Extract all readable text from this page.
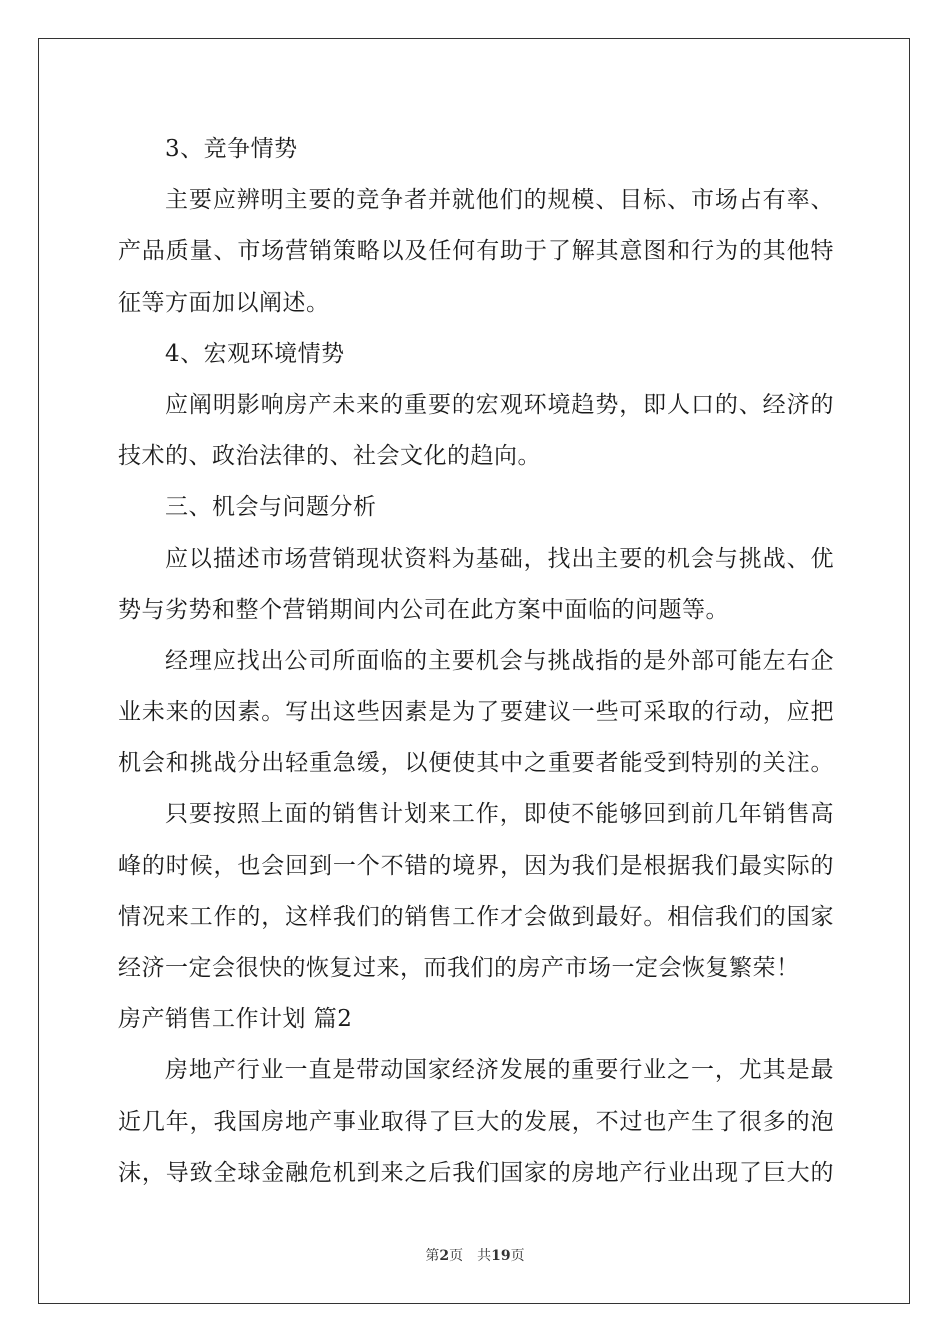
3、竞争情势
主要应辨明主要的竞争者并就他们的规模、目标、市场占有率、
产品质量、市场营销策略以及任何有助于了解其意图和行为的其他特
征等方面加以阐述。
4、宏观环境情势
应阐明影响房产未来的重要的宏观环境趋势，即人口的、经济的
技术的、政治法律的、社会文化的趋向。
三、机会与问题分析
应以描述市场营销现状资料为基础，找出主要的机会与挑战、优
势与劣势和整个营销期间内公司在此方案中面临的问题等。
经理应找出公司所面临的主要机会与挑战指的是外部可能左右企
业未来的因素。写出这些因素是为了要建议一些可采取的行动，应把
机会和挑战分出轻重急缓，以便使其中之重要者能受到特别的关注。
只要按照上面的销售计划来工作，即使不能够回到前几年销售高
峰的时候，也会回到一个不错的境界，因为我们是根据我们最实际的
情况来工作的，这样我们的销售工作才会做到最好。相信我们的国家
经济一定会很快的恢复过来，而我们的房产市场一定会恢复繁荣！
房产销售工作计划 篇2
房地产行业一直是带动国家经济发展的重要行业之一，尤其是最
近几年，我国房地产事业取得了巨大的发展，不过也产生了很多的泡
沫，导致全球金融危机到来之后我们国家的房地产行业出现了巨大的
第2页 共19页
